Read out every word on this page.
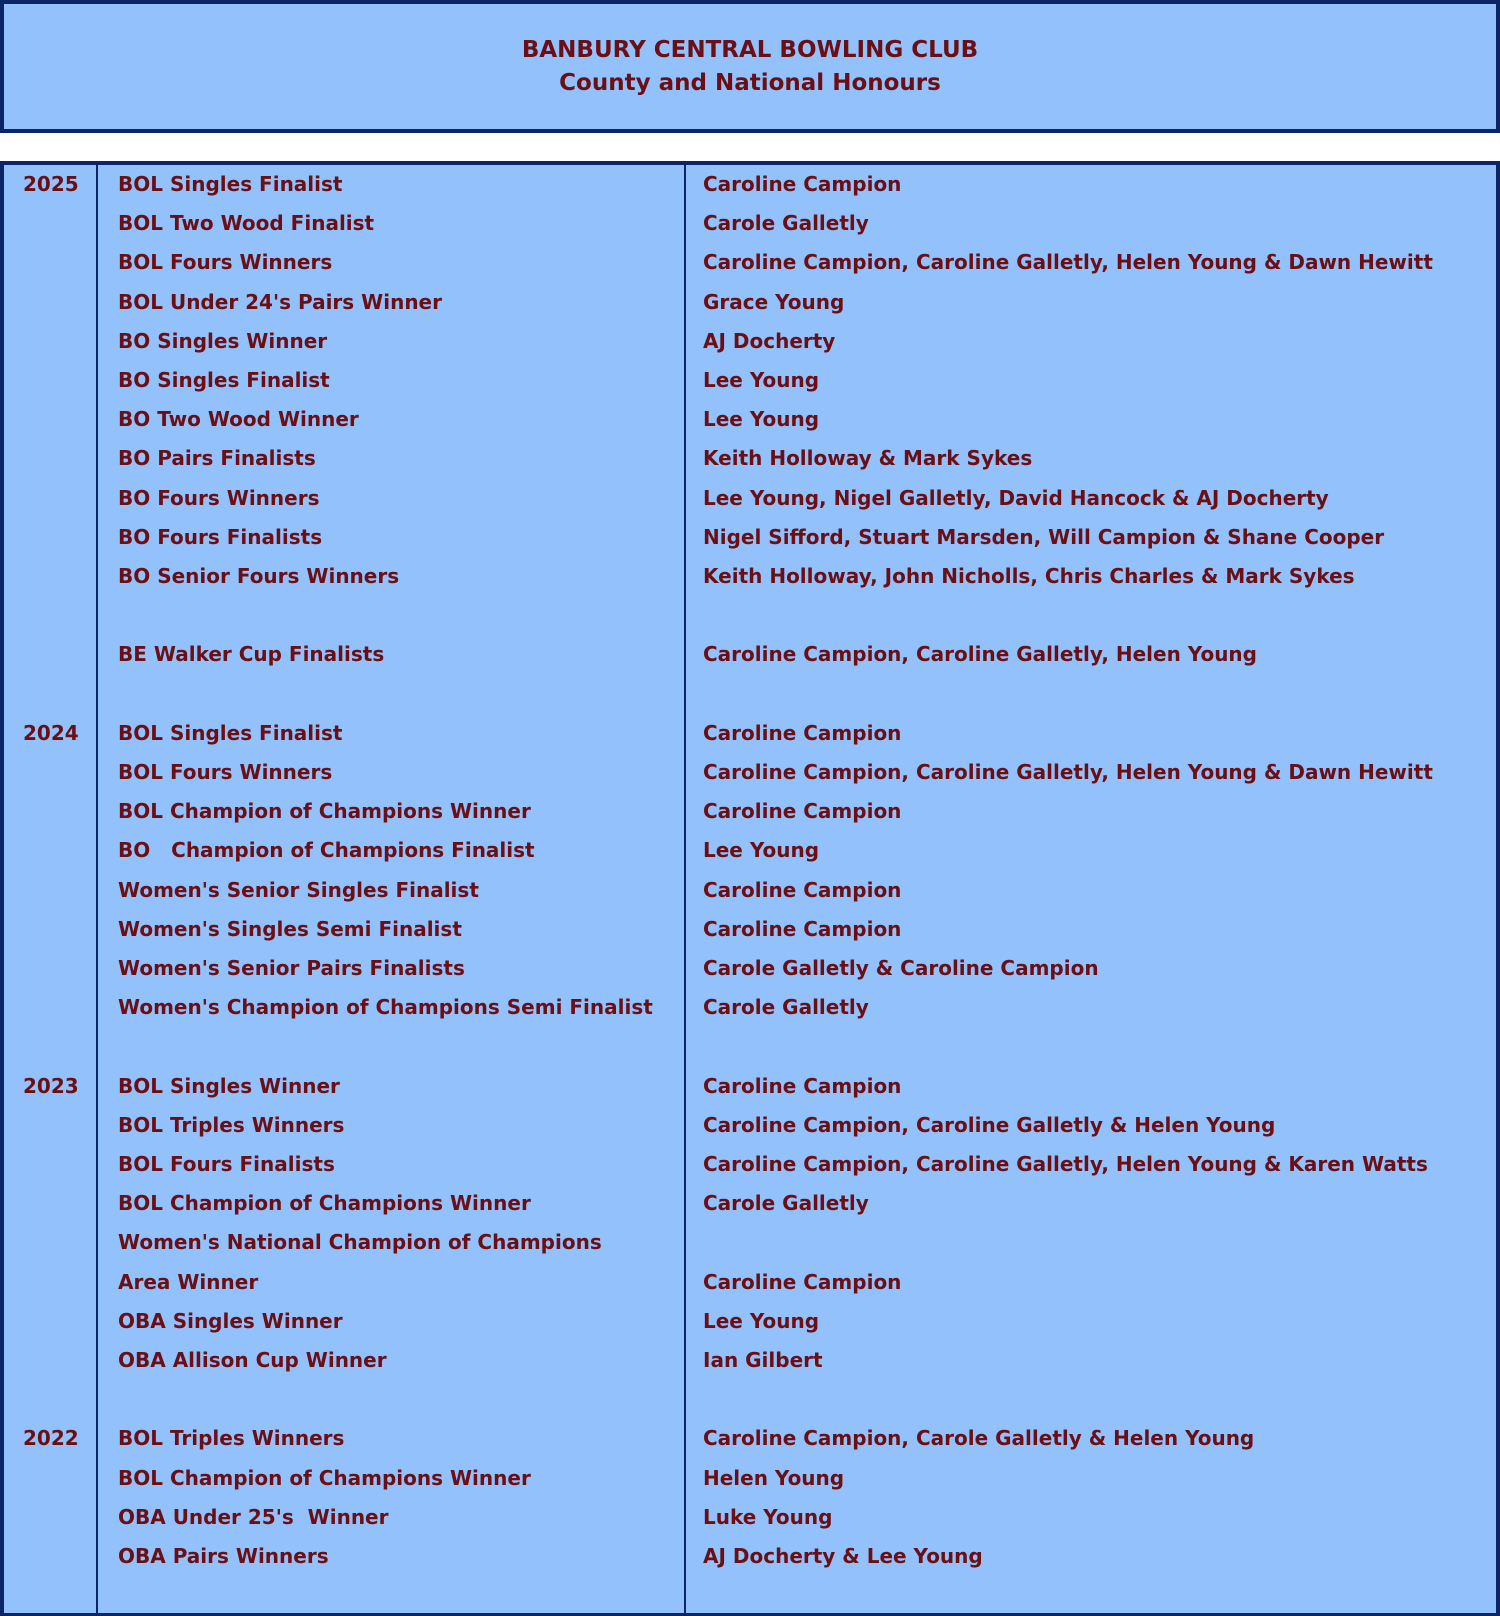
BANBURY CENTRAL BOWLING CLUB
County and National Honours
2025 BOL Singles Finalist	Caroline Campion
BOL Two Wood Finalist	Carole Galletly
BOL Fours Winners	Caroline Campion, Caroline Galletly, Helen Young & Dawn Hewitt
BOL Under 24's Pairs Winner	Grace Young
BO Singles Winner	AJ Docherty
BO Singles Finalist	Lee Young
BO Two Wood Winner	Lee Young
BO Pairs Finalists	Keith Holloway & Mark Sykes
BO Fours Winners	Lee Young, Nigel Galletly, David Hancock & AJ Docherty
BO Fours Finalists	Nigel Sifford, Stuart Marsden, Will Campion & Shane Cooper
BO Senior Fours Winners	Keith Holloway, John Nicholls, Chris Charles & Mark Sykes
BE Walker Cup Finalists	Caroline Campion, Caroline Galletly, Helen Young
2024 BOL Singles Finalist	Caroline Campion
BOL Fours Winners	Caroline Campion, Caroline Galletly, Helen Young & Dawn Hewitt
BOL Champion of Champions Winner	Caroline Campion
BO   Champion of Champions Finalist	Lee Young
Women's Senior Singles Finalist	Caroline Campion
Women's Singles Semi Finalist	Caroline Campion
Women's Senior Pairs Finalists	Carole Galletly & Caroline Campion
Women's Champion of Champions Semi Finalist	Carole Galletly
2023 BOL Singles Winner	Caroline Campion
BOL Triples Winners	Caroline Campion, Caroline Galletly & Helen Young
BOL Fours Finalists	Caroline Campion, Caroline Galletly, Helen Young & Karen Watts
BOL Champion of Champions Winner	Carole Galletly
Women's National Champion of Champions
Area Winner	Caroline Campion
OBA Singles Winner	Lee Young
OBA Allison Cup Winner	Ian Gilbert
2022 BOL Triples Winners	Caroline Campion, Carole Galletly & Helen Young
BOL Champion of Champions Winner	Helen Young
OBA Under 25's  Winner	Luke Young
OBA Pairs Winners	AJ Docherty & Lee Young
